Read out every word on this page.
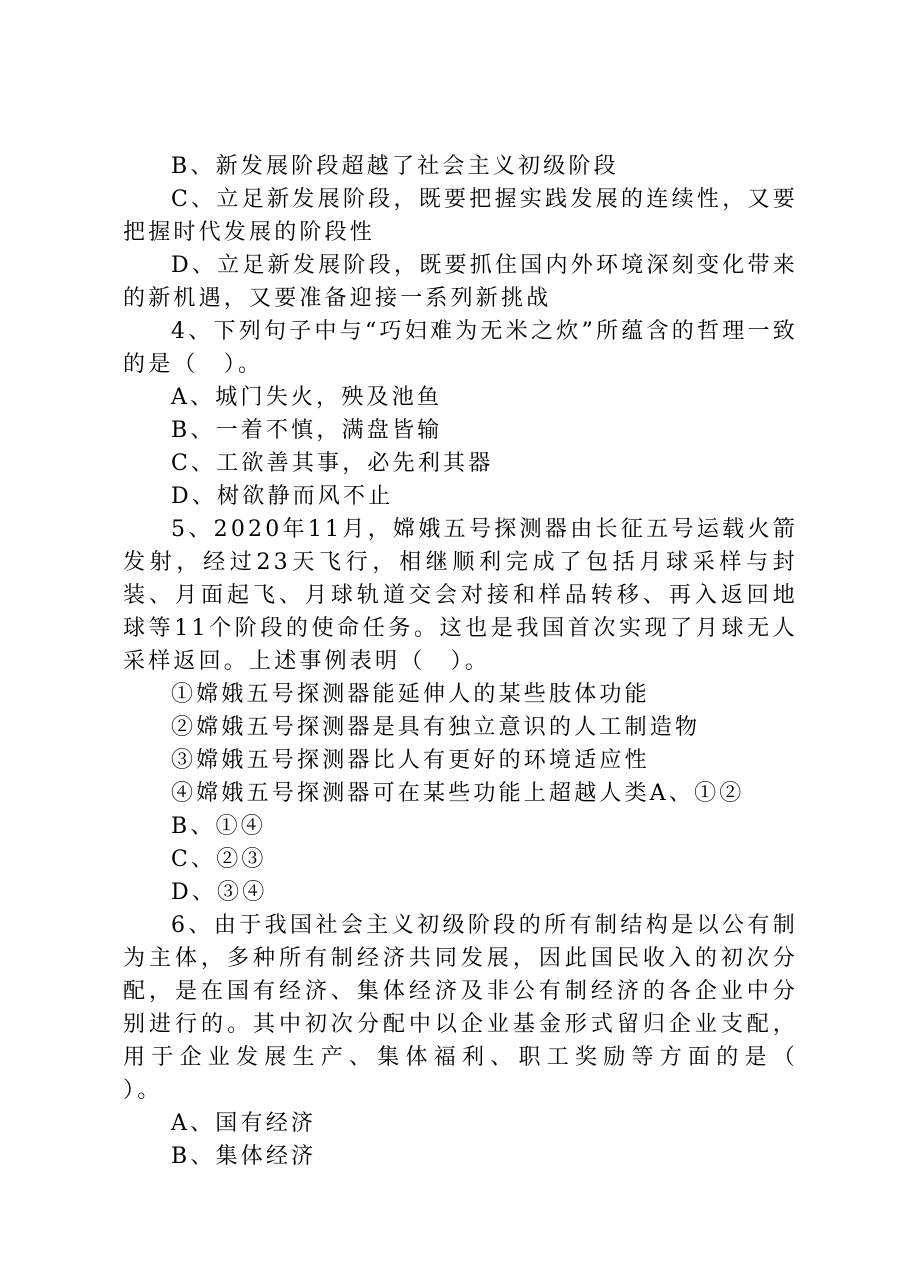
B、新发展阶段超越了社会主义初级阶段

C、立足新发展阶段，既要把握实践发展的连续性，又要把握时代发展的阶段性

D、立足新发展阶段，既要抓住国内外环境深刻变化带来的新机遇，又要准备迎接一系列新挑战

4、下列句子中与“巧妇难为无米之炊”所蕴含的哲理一致的是（　）。

A、城门失火，殃及池鱼

B、一着不慎，满盘皆输

C、工欲善其事，必先利其器

D、树欲静而风不止

5、2020年11月，嫦娥五号探测器由长征五号运载火箭发射，经过23天飞行，相继顺利完成了包括月球采样与封装、月面起飞、月球轨道交会对接和样品转移、再入返回地球等11个阶段的使命任务。这也是我国首次实现了月球无人采样返回。上述事例表明（　）。

①嫦娥五号探测器能延伸人的某些肢体功能

②嫦娥五号探测器是具有独立意识的人工制造物

③嫦娥五号探测器比人有更好的环境适应性

④嫦娥五号探测器可在某些功能上超越人类A、①②

B、①④

C、②③

D、③④

6、由于我国社会主义初级阶段的所有制结构是以公有制为主体，多种所有制经济共同发展，因此国民收入的初次分配，是在国有经济、集体经济及非公有制经济的各企业中分别进行的。其中初次分配中以企业基金形式留归企业支配，用于企业发展生产、集体福利、职工奖励等方面的是（　　）。

A、国有经济

B、集体经济
